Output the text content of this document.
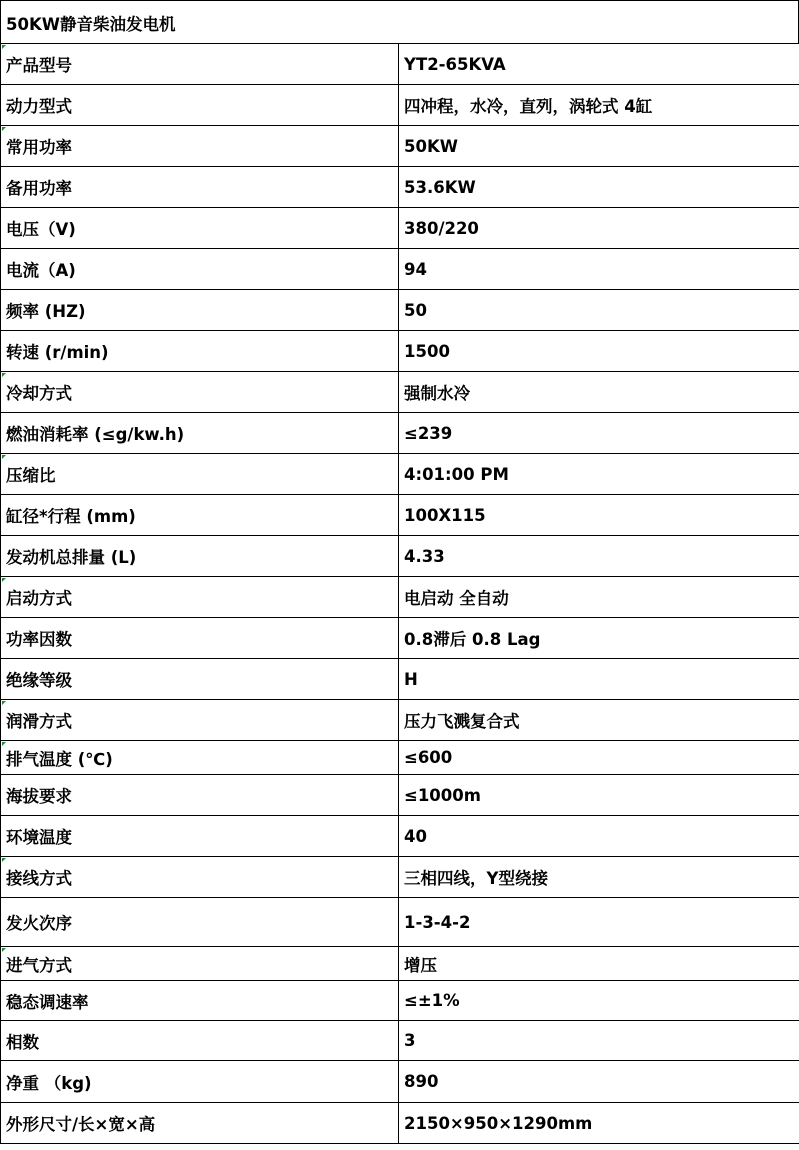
50KW静音柴油发电机
产品型号	YT2-65KVA
动力型式	四冲程，水冷，直列，涡轮式 4缸

常用功率	50KW
备用功率	53.6KW
电压（V)	380/220
电流（A)	94
频率 (HZ)	50
转速 (r/min)	1500

冷却方式	强制水冷
燃油消耗率 (≤g/kw.h)	≤239

压缩比	4:01:00 PM
缸径*行程 (mm)	100X115
发动机总排量 (L)	4.33

启动方式	电启动 全自动
功率因数	0.8滞后 0.8 Lag
绝缘等级	H

润滑方式	压力飞溅复合式

排气温度 (℃)	≤600
海拔要求	≤1000m
环境温度	40

接线方式	三相四线，Y型绕接
发火次序	1-3-4-2

进气方式	增压
稳态调速率	≤±1%
相数	3
净重 （kg)	890
外形尺寸/长×宽×高	2150×950×1290mm
